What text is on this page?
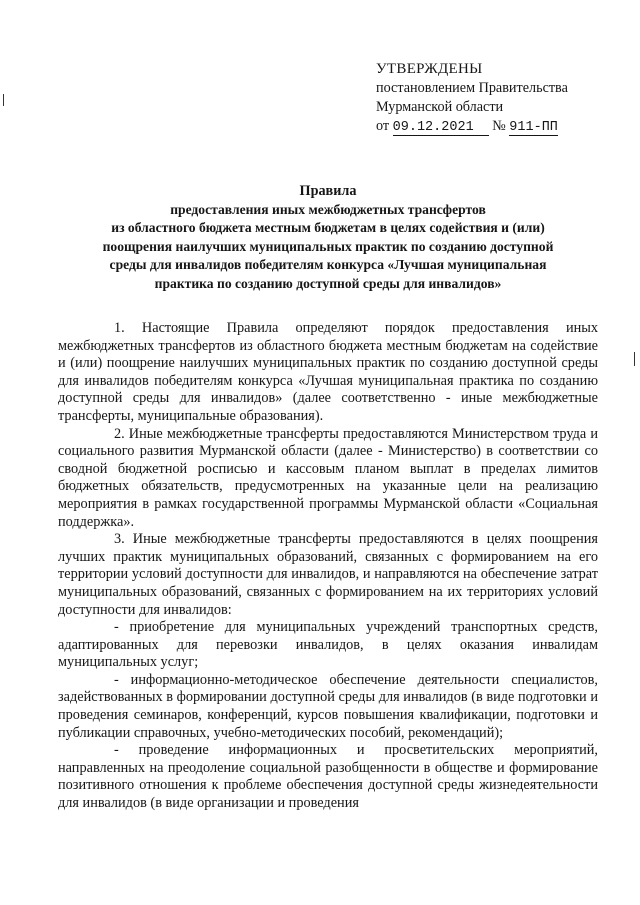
УТВЕРЖДЕНЫ
постановлением Правительства
Мурманской области
от 09.12.2021 № 911-ПП
Правила
предоставления иных межбюджетных трансфертов
из областного бюджета местным бюджетам в целях содействия и (или)
поощрения наилучших муниципальных практик по созданию доступной
среды для инвалидов победителям конкурса «Лучшая муниципальная
практика по созданию доступной среды для инвалидов»

1. Настоящие Правила определяют порядок предоставления иных межбюджетных трансфертов из областного бюджета местным бюджетам на содействие и (или) поощрение наилучших муниципальных практик по созданию доступной среды для инвалидов победителям конкурса «Лучшая муниципальная практика по созданию доступной среды для инвалидов» (далее соответственно - иные межбюджетные трансферты, муниципальные образования).

2. Иные межбюджетные трансферты предоставляются Министерством труда и социального развития Мурманской области (далее - Министерство) в соответствии со сводной бюджетной росписью и кассовым планом выплат в пределах лимитов бюджетных обязательств, предусмотренных на указанные цели на реализацию мероприятия в рамках государственной программы Мурманской области «Социальная поддержка».

3. Иные межбюджетные трансферты предоставляются в целях поощрения лучших практик муниципальных образований, связанных с формированием на его территории условий доступности для инвалидов, и направляются на обеспечение затрат муниципальных образований, связанных с формированием на их территориях условий доступности для инвалидов:

- приобретение для муниципальных учреждений транспортных средств, адаптированных для перевозки инвалидов, в целях оказания инвалидам муниципальных услуг;

- информационно-методическое обеспечение деятельности специалистов, задействованных в формировании доступной среды для инвалидов (в виде подготовки и проведения семинаров, конференций, курсов повышения квалификации, подготовки и публикации справочных, учебно-методических пособий, рекомендаций);

- проведение информационных и просветительских мероприятий, направленных на преодоление социальной разобщенности в обществе и формирование позитивного отношения к проблеме обеспечения доступной среды жизнедеятельности для инвалидов (в виде организации и проведения
